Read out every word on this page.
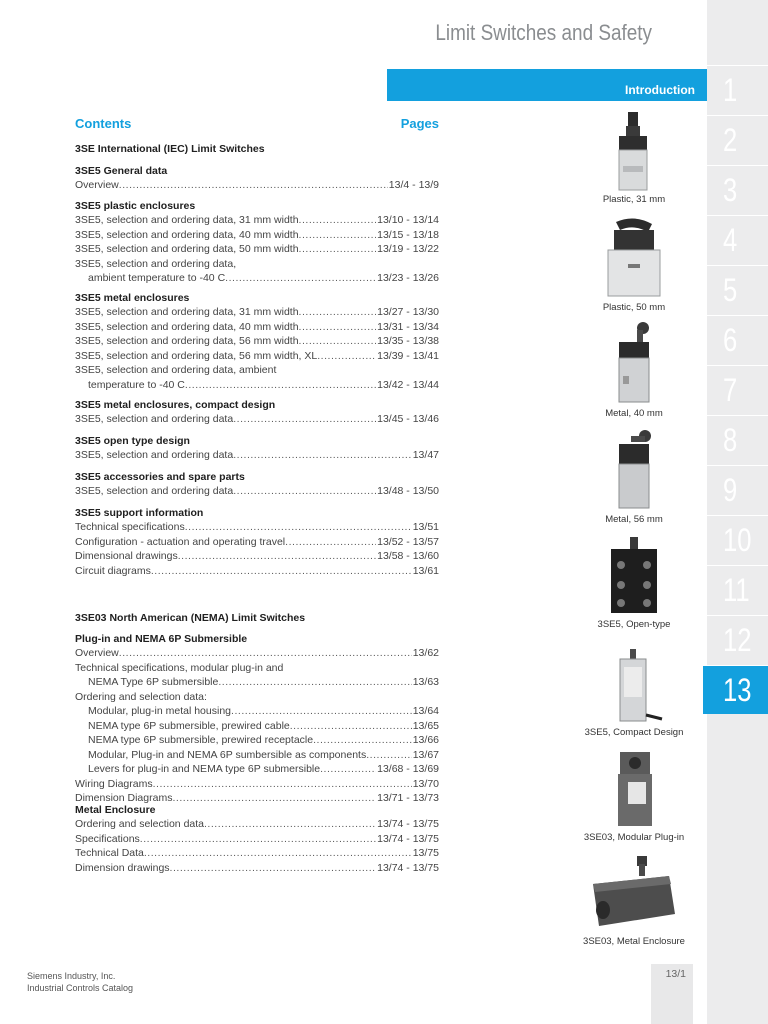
Limit Switches and Safety
Introduction 1
2
3
4
5
6
7
8
9
10
11
12
13
Contents	Pages
3SE International (IEC) Limit Switches
3SE5 General data
Overview . . .	13/4 - 13/9
3SE5 plastic enclosures
3SE5, selection and ordering data, 31 mm width . . .	13/10 - 13/14
3SE5, selection and ordering data, 40 mm width . . .	13/15 - 13/18
3SE5, selection and ordering data, 50 mm width . . .	13/19 - 13/22
3SE5, selection and ordering data,
ambient temperature to -40 C . . .	13/23 - 13/26
3SE5 metal enclosures
3SE5, selection and ordering data, 31 mm width . . .	13/27 - 13/30
3SE5, selection and ordering data, 40 mm width . . .	13/31 - 13/34
3SE5, selection and ordering data, 56 mm width . . .	13/35 - 13/38
3SE5, selection and ordering data, 56 mm width, XL . . .	13/39 - 13/41
3SE5, selection and ordering data, ambient
temperature to -40 C . . .	13/42 - 13/44
3SE5 metal enclosures, compact design
3SE5, selection and ordering data . . .	13/45 - 13/46
3SE5 open type design
3SE5, selection and ordering data . . .	13/47
3SE5 accessories and spare parts
3SE5, selection and ordering data . . .	13/48 - 13/50
3SE5 support information
Technical specifications . . .	13/51
Configuration - actuation and operating travel . . .	13/52 - 13/57
Dimensional drawings . . .	13/58 - 13/60
Circuit diagrams . . .	13/61
3SE03 North American (NEMA) Limit Switches
Plug-in and NEMA 6P Submersible
Overview . . .	13/62
Technical specifications, modular plug-in and
NEMA Type 6P submersible . . .	13/63
Ordering and selection data:
Modular, plug-in metal housing . . .	13/64
NEMA type 6P submersible, prewired cable . . .	13/65
NEMA type 6P submersible, prewired receptacle . . .	13/66
Modular, Plug-in and NEMA 6P sumbersible as components . . .	13/67
Levers for plug-in and NEMA type 6P submersible . . .	13/68 - 13/69
Wiring Diagrams . . .	13/70
Dimension Diagrams . . .	13/71 - 13/73
Metal Enclosure
Ordering and selection data . . .	13/74 - 13/75
Specifications . . .	13/74 - 13/75
Technical Data . . .	13/75
Dimension drawings . . .	13/74 - 13/75
Plastic, 31 mm
Plastic, 50 mm
Metal, 40 mm
Metal, 56 mm
3SE5, Open-type
3SE5, Compact Design
3SE03, Modular Plug-in
3SE03, Metal Enclosure
Siemens Industry, Inc.
Industrial Controls Catalog
13/1
